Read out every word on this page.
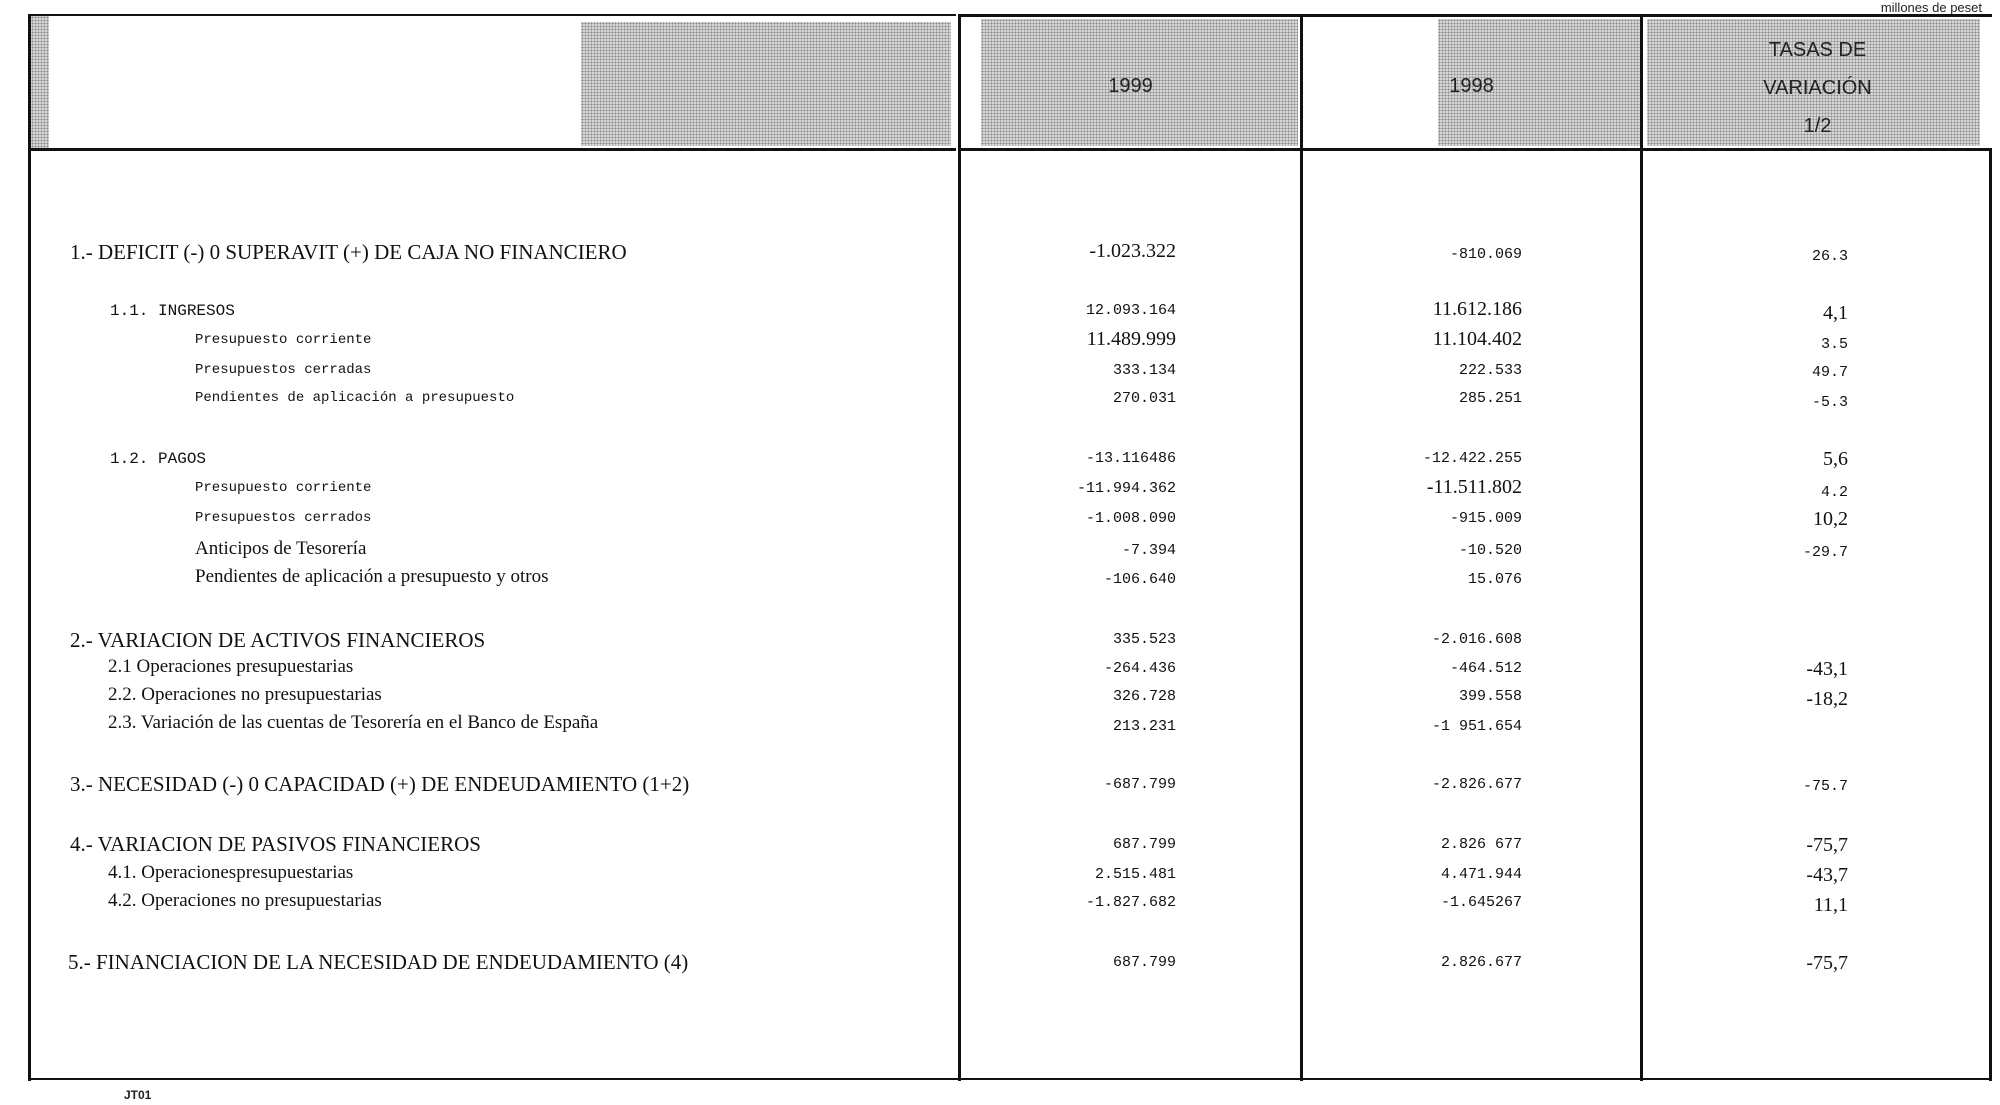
millones de peset
1999	1998
TASAS DE
VARIACIÓN
1/2
1.- DEFICIT (-) 0 SUPERAVIT (+) DE CAJA NO FINANCIERO	-1.023.322	-810.069	26.3
1.1. INGRESOS	12.093.164	11.612.186	4,1
Presupuesto corriente	11.489.999	11.104.402	3.5
Presupuestos cerradas	333.134	222.533	49.7
Pendientes de aplicación a presupuesto	270.031	285.251	-5.3
1.2. PAGOS	-13.116486	-12.422.255	5,6
Presupuesto corriente	-11.994.362	-11.511.802	4.2
Presupuestos cerrados	-1.008.090	-915.009	10,2
Anticipos de Tesorería	-7.394	-10.520	-29.7
Pendientes de aplicación a presupuesto y otros	-106.640	15.076
2.- VARIACION DE ACTIVOS FINANCIEROS	335.523	-2.016.608
2.1 Operaciones presupuestarias	-264.436	-464.512	-43,1
2.2. Operaciones no presupuestarias	326.728	399.558	-18,2
2.3. Variación de las cuentas de Tesorería en el Banco de España	213.231	-1 951.654
3.- NECESIDAD (-) 0 CAPACIDAD (+) DE ENDEUDAMIENTO (1+2)	-687.799	-2.826.677	-75.7
4.- VARIACION DE PASIVOS FINANCIEROS	687.799	2.826 677	-75,7
4.1. Operacionespresupuestarias	2.515.481	4.471.944	-43,7
4.2. Operaciones no presupuestarias	-1.827.682	-1.645267	11,1
5.- FINANCIACION DE LA NECESIDAD DE ENDEUDAMIENTO (4)	687.799	2.826.677	-75,7
JT01
